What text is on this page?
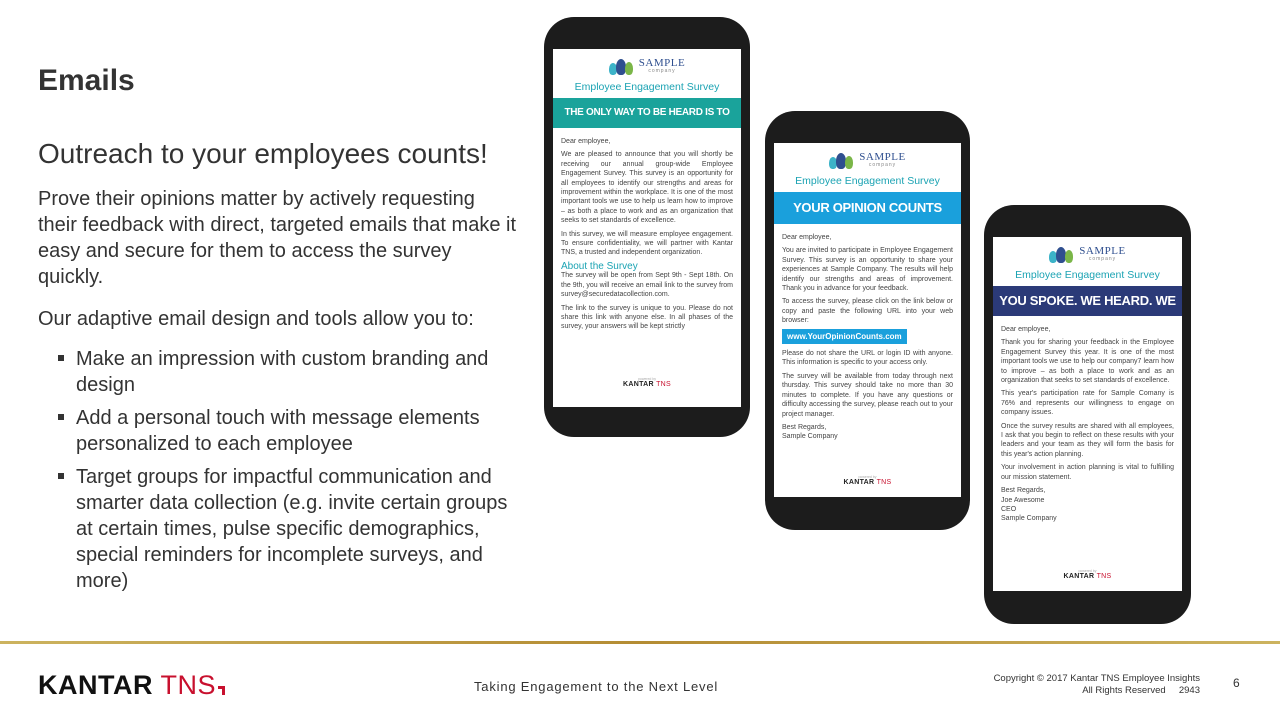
Emails
Outreach to your employees counts!
Prove their opinions matter by actively requesting their feedback with direct, targeted emails that make it easy and secure for them to access the survey quickly.
Our adaptive email design and tools allow you to:
Make an impression with custom branding and design
Add a personal touch with message elements personalized to each employee
Target groups for impactful communication and smarter data collection (e.g. invite certain groups at certain times, pulse specific demographics, special reminders for incomplete surveys, and more)
SAMPLE
company
Employee Engagement Survey
THE ONLY WAY TO BE HEARD IS TO SPEAK UP

Dear employee,

We are pleased to announce that you will shortly be receiving our annual group-wide Employee Engagement Survey. This survey is an opportunity for all employees to identify our strengths and areas for improvement within the workplace. It is one of the most important tools we use to help us learn how to improve – as both a place to work and as an organization that seeks to set standards of excellence.

In this survey, we will measure employee engagement. To ensure confidentiality, we will partner with Kantar TNS, a trusted and independent organization.

About the Survey

The survey will be open from Sept 9th - Sept 18th. On the 9th, you will receive an email link to the survey from survey@securedatacollection.com.

The link to the survey is unique to you. Please do not share this link with anyone else. In all phases of the survey, your answers will be kept strictly

powered by
KANTAR TNS
SAMPLE
company
Employee Engagement Survey
YOUR OPINION COUNTS

Dear employee,

You are invited to participate in Employee Engagement Survey. This survey is an opportunity to share your experiences at Sample Company. The results will help identify our strengths and areas of improvement. Thank you in advance for your feedback.

To access the survey, please click on the link below or copy and paste the following URL into your web browser:

www.YourOpinionCounts.com

Please do not share the URL or login ID with anyone. This information is specific to your access only.

The survey will be available from today through next thursday. This survey should take no more than 30 minutes to complete. If you have any questions or difficulty accessing the survey, please reach out to your project manager.

Best Regards,

Sample Company

powered by
KANTAR TNS
SAMPLE
company
Employee Engagement Survey
YOU SPOKE. WE HEARD. WE ACT.

Dear employee,

Thank you for sharing your feedback in the Employee Engagement Survey this year. It is one of the most important tools we use to help our company7 learn how to improve – as both a place to work and as an organization that seeks to set standards of excellence.

This year's participation rate for Sample Comany is 76% and represents our willingness to engage on company issues.

Once the survey results are shared with all employees, I ask that you begin to reflect on these results with your leaders and your team as they will form the basis for this year's action planning.

Your involvement in action planning is vital to fulfilling our mission statement.

Best Regards,

Joe Awesome

CEO

Sample Company

powered by
KANTAR TNS
KANTAR TNS	Taking Engagement to the Next Level
Copyright © 2017 Kantar TNS Employee Insights
All Rights Reserved 2943
6
